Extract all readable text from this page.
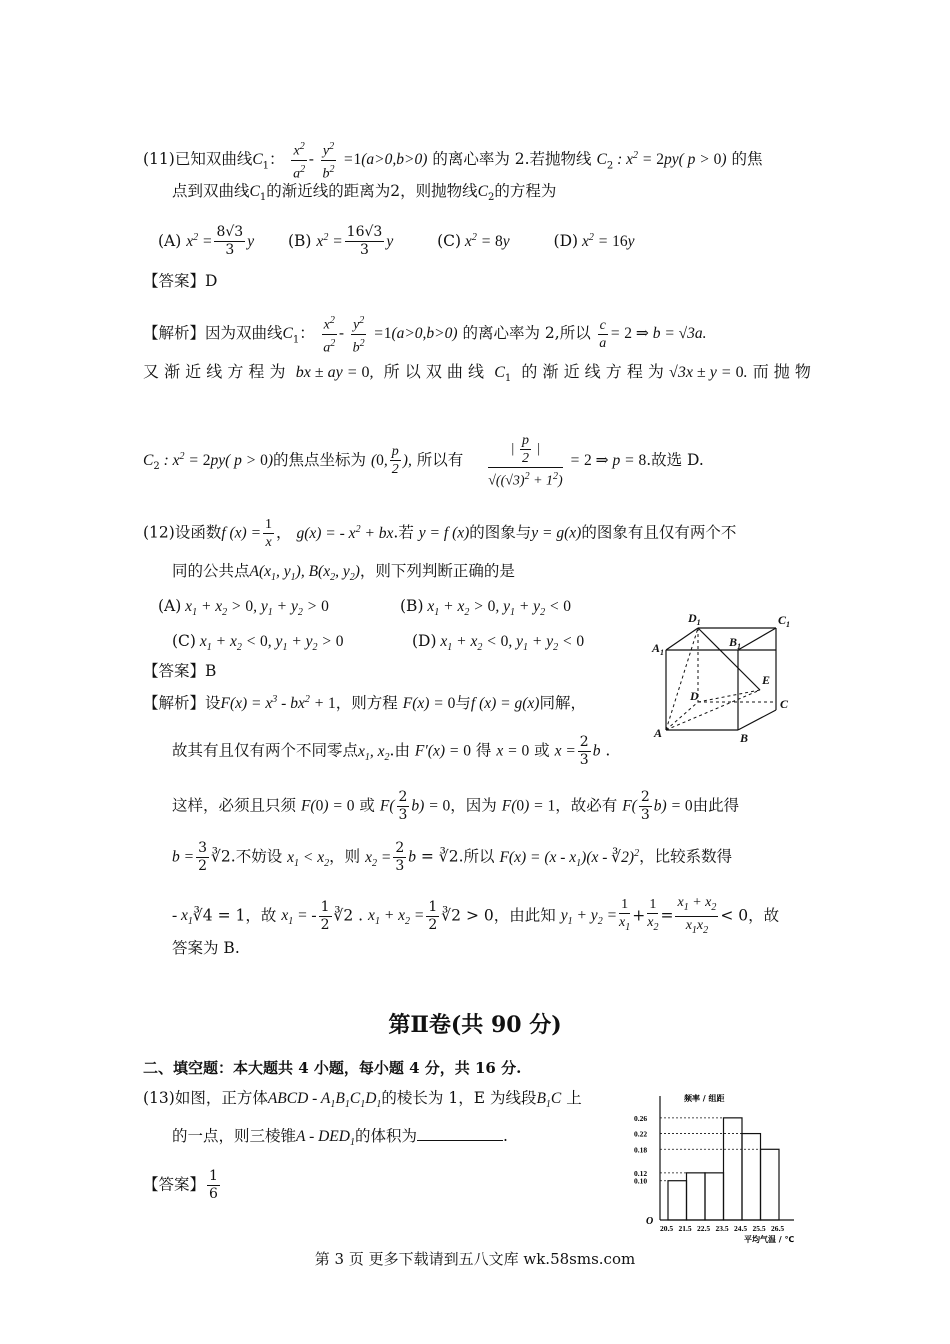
(11)已知双曲线$C_1$： $\frac{x^2}{a^2} - \frac{y^2}{b^2} =1(a>0,b>0)$ 的离心率为 2.若抛物线 $C_2$ : $x^2 = 2py$( p > 0) 的焦
点到双曲线$C_1$的渐近线的距离为2，则抛物线$C_2$的方程为
(A) $x^2 = \frac{8√3}{3}$ y (B) $x^2 = \frac{16√3}{3}$ y	(C) $x^2 = 8y$	(D) $x^2 = 16y$
【答案】D
【解析】因为双曲线$C_1$： $\frac{x^2}{a^2} - \frac{y^2}{b^2} =1(a>0,b>0)$ 的离心率为 2,所以 $\frac{c}{a} = 2$ ⇒ b = √3a.
又 渐 近 线 方 程 为 bx ± ay = 0, 所 以 双 曲 线 $C_1$ 的 渐 近 线 方 程 为 √3x ± y = 0. 而 抛 物
$C_2$ : $x^2 = 2py$( p > 0)的焦点坐标为 (0, $\frac{p}{2}$ ), 所以有 $\frac{| \frac{p}{2} |}{√((√3)^2 + 1^2)} = 2$ ⇒ p = 8.故选 D.
(12)设函数f $(x) = \frac{1}{x}$ ， g(x) = - $x^2$ + bx.若 y = f (x)的图象与y = g(x)的图象有且仅有两个不
同的公共点$A(x_1$, $y_1$), $B(x_2$, $y_2$)，则下列判断正确的是
(A) $x_1 + x_2 > 0$, $y_1 + y_2 > 0$	(B) $x_1 + x_2 > 0$, $y_1 + y_2 < 0$
(C) $x_1 + x_2 < 0$, $y_1 + y_2 > 0$	(D) $x_1 + x_2 < 0$, $y_1 + y_2 < 0$
【答案】B
【解析】设$F(x) = x^3 - bx^2 + 1$，则方程 F(x) = 0与f (x) = g(x)同解，
故其有且仅有两个不同零点$x_1$, $x_2$.由 F′(x) = 0 得 x = 0 或 $x = \frac{2}{3}$ b .
这样，必须且只须 F(0) = 0 或 $F( \frac{2}{3} b) = 0$，因为 F(0) = 1，故必有 $F( \frac{2}{3} b) = 0$由此得
$b = \frac{3}{2}$ ∛2.不妨设 $x_1 < x_2$，则 $x_2 = \frac{2}{3}$ b = ∛2.所以 $F(x) = (x - x_1)(x$ - ∛2)$^2$，比较系数得
- $x_1∛4 = 1$，故 $x_1$ = - $\frac{1}{2}$ ∛2 . $x_1 + x_2 = \frac{1}{2}$ ∛2 > 0，由此知 $y_1 + y_2 = \frac{1}{x_1} + \frac{1}{x_2} = \frac{x_1 + x_2}{x_1x_2} < 0$，故
答案为 B.
$D_1$	$C_1$
$A_1$
$B_1$
D
E
C
A	B
第Ⅱ卷(共 90 分)
二、填空题：本大题共 4 小题，每小题 4 分，共 16 分.
(13)如图，正方体ABCD - $A_1B_1C_1D_1$的棱长为 1，E 为线段$B_1C$ 上
的一点，则三棱锥A - $DED_1$的体积为	.
【答案】 $\frac{1}{6}$
频率 / 组距
平均气温 / ℃
O
0.26
0.22
0.18
0.12
0.10
20.5 21.5 22.5 23.5 24.5 25.5 26.5
第 3 页 更多下载请到五八文库 wk.58sms.com
